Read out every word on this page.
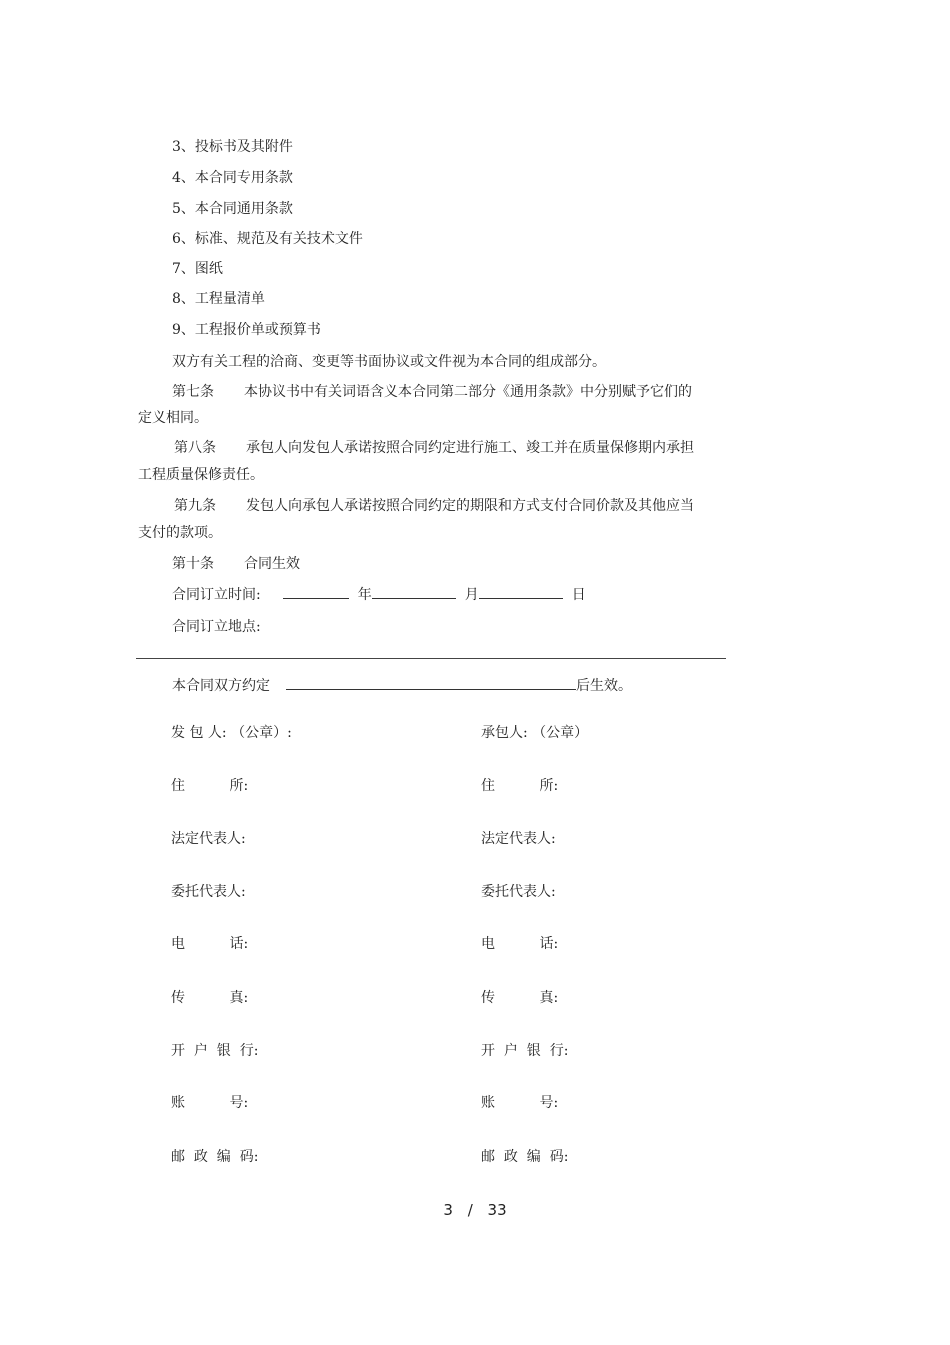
3、投标书及其附件
4、本合同专用条款
5、本合同通用条款
6、标准、规范及有关技术文件
7、图纸
8、工程量清单
9、工程报价单或预算书
双方有关工程的洽商、变更等书面协议或文件视为本合同的组成部分。
第七条 本协议书中有关词语含义本合同第二部分《通用条款》中分别赋予它们的
定义相同。
第八条 承包人向发包人承诺按照合同约定进行施工、竣工并在质量保修期内承担
工程质量保修责任。
第九条 发包人向承包人承诺按照合同约定的期限和方式支付合同价款及其他应当
支付的款项。
第十条 合同生效
合同订立时间:	年	月	日
合同订立地点:
本合同双方约定	后生效。
发 包 人: （公章）:	承包人: （公章）
住          所:	住          所:
法定代表人:	法定代表人:
委托代表人:	委托代表人:
电          话:	电          话:
传          真:	传          真:
开  户  银  行:	开  户  银  行:
账          号:	账          号:
邮  政  编  码:	邮  政  编  码:
3 / 33
